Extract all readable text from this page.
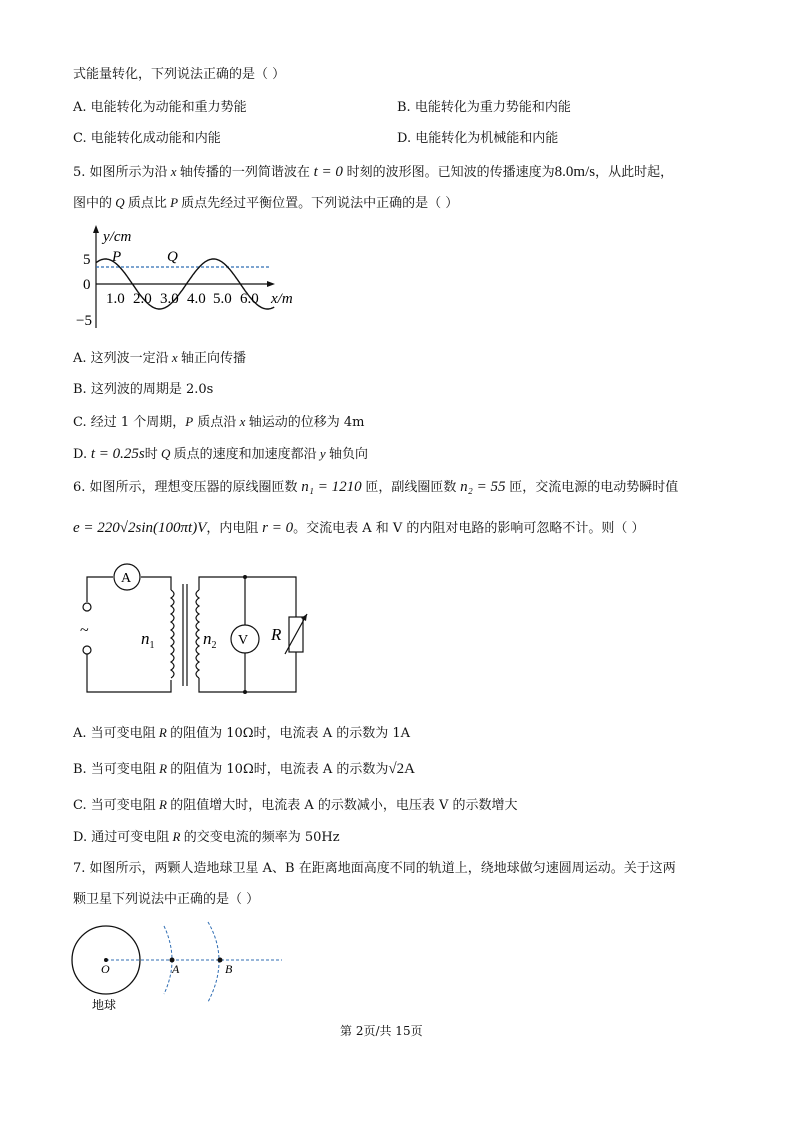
式能量转化，下列说法正确的是（ ）
A. 电能转化为动能和重力势能	B. 电能转化为重力势能和内能
C. 电能转化成动能和内能	D. 电能转化为机械能和内能
5. 如图所示为沿 x 轴传播的一列简谐波在 t = 0 时刻的波形图。已知波的传播速度为8.0m/s，从此时起，
图中的 Q 质点比 P 质点先经过平衡位置。下列说法中正确的是（ ）
y/cm
5
0
−5
P	Q
1.0 2.0 3.0 4.0 5.0 6.0 x/m
A. 这列波一定沿 x 轴正向传播
B. 这列波的周期是 2.0s
C. 经过 1 个周期，P 质点沿 x 轴运动的位移为 4m
D. t = 0.25s时 Q 质点的速度和加速度都沿 y 轴负向
6. 如图所示，理想变压器的原线圈匝数 n₁ = 1210 匝，副线圈匝数 n₂ = 55 匝，交流电源的电动势瞬时值
e = 220√2sin(100πt)V，内电阻 r = 0。交流电表 A 和 V 的内阻对电路的影响可忽略不计。则（ ）
A
V
~	$n_1$	$n_2$
R
A. 当可变电阻 R 的阻值为 10Ω时，电流表 A 的示数为 1A
B. 当可变电阻 R 的阻值为 10Ω时，电流表 A 的示数为√2A
C. 当可变电阻 R 的阻值增大时，电流表 A 的示数减小，电压表 V 的示数增大
D. 通过可变电阻 R 的交变电流的频率为 50Hz
7. 如图所示，两颗人造地球卫星 A、B 在距离地面高度不同的轨道上，绕地球做匀速圆周运动。关于这两
颗卫星下列说法中正确的是（ ）
O	A	B
地球
第 2页/共 15页
